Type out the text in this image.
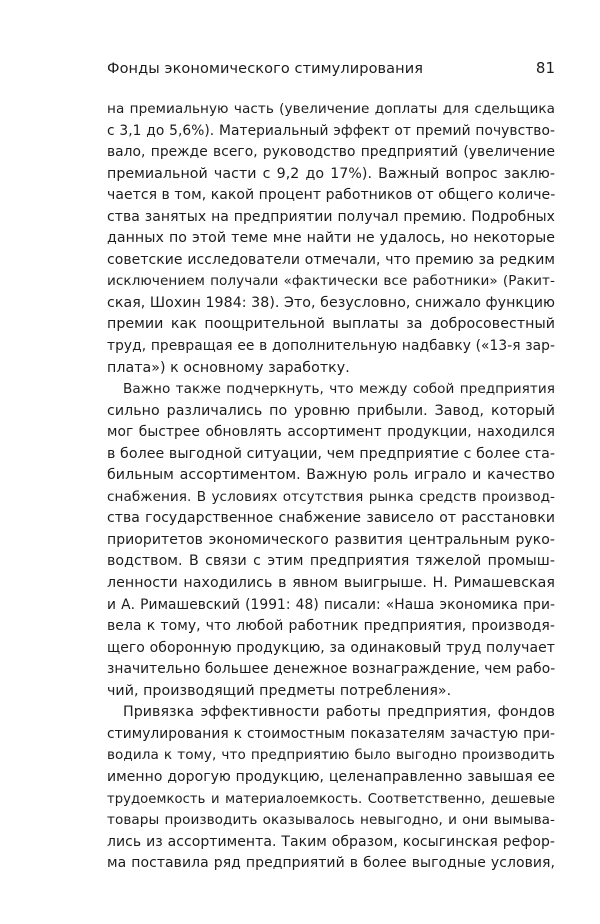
Фонды экономического стимулирования	81
на премиальную часть (увеличение доплаты для сдельщика
с 3,1 до 5,6%). Материальный эффект от премий почувство-
вало, прежде всего, руководство предприятий (увеличение
премиальной части с 9,2 до 17%). Важный вопрос заклю-
чается в том, какой процент работников от общего количе-
ства занятых на предприятии получал премию. Подробных
данных по этой теме мне найти не удалось, но некоторые
советские исследователи отмечали, что премию за редким
исключением получали «фактически все работники» (Ракит-
ская, Шохин 1984: 38). Это, безусловно, снижало функцию
премии как поощрительной выплаты за добросовестный
труд, превращая ее в дополнительную надбавку («13-я зар-
плата») к основному заработку.
Важно также подчеркнуть, что между собой предприятия
сильно различались по уровню прибыли. Завод, который
мог быстрее обновлять ассортимент продукции, находился
в более выгодной ситуации, чем предприятие с более ста-
бильным ассортиментом. Важную роль играло и качество
снабжения. В условиях отсутствия рынка средств производ-
ства государственное снабжение зависело от расстановки
приоритетов экономического развития центральным руко-
водством. В связи с этим предприятия тяжелой промыш-
ленности находились в явном выигрыше. Н. Римашевская
и А. Римашевский (1991: 48) писали: «Наша экономика при-
вела к тому, что любой работник предприятия, производя-
щего оборонную продукцию, за одинаковый труд получает
значительно большее денежное вознаграждение, чем рабо-
чий, производящий предметы потребления».
Привязка эффективности работы предприятия, фондов
стимулирования к стоимостным показателям зачастую при-
водила к тому, что предприятию было выгодно производить
именно дорогую продукцию, целенаправленно завышая ее
трудоемкость и материалоемкость. Соответственно, дешевые
товары производить оказывалось невыгодно, и они вымыва-
лись из ассортимента. Таким образом, косыгинская рефор-
ма поставила ряд предприятий в более выгодные условия,
